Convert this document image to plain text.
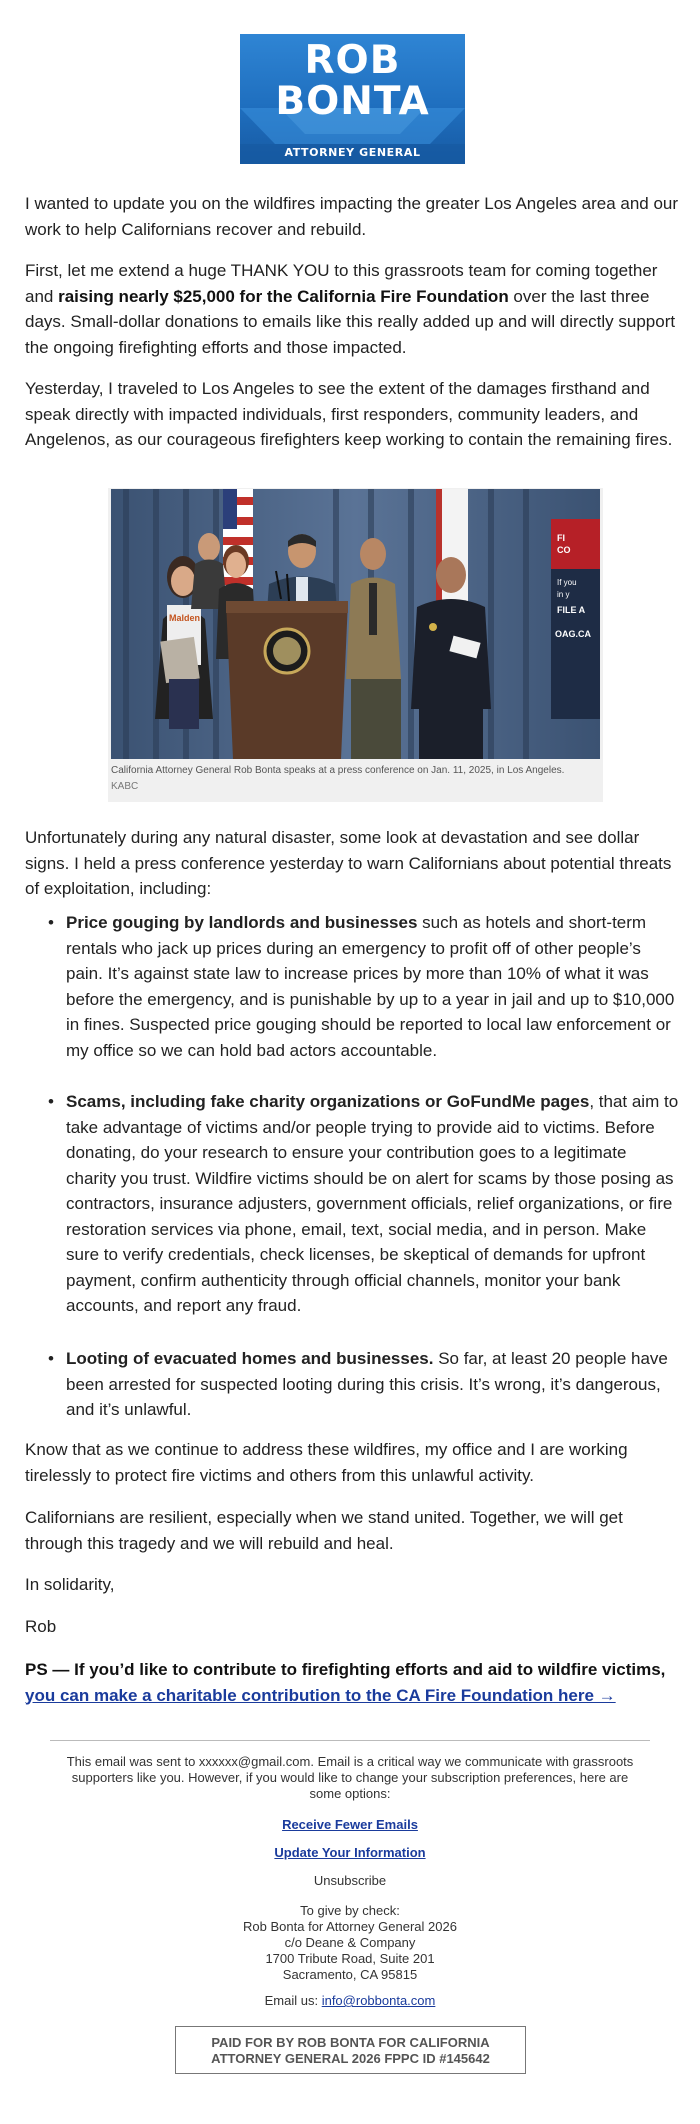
ROB
BONTA
ATTORNEY GENERAL

I wanted to update you on the wildfires impacting the greater Los Angeles area and our work to help Californians recover and rebuild.

First, let me extend a huge THANK YOU to this grassroots team for coming together and raising nearly $25,000 for the California Fire Foundation over the last three days. Small-dollar donations to emails like this really added up and will directly support the ongoing firefighting efforts and those impacted.

Yesterday, I traveled to Los Angeles to see the extent of the damages firsthand and speak directly with impacted individuals, first responders, community leaders, and Angelenos, as our courageous firefighters keep working to contain the remaining fires.

FI
CO
If you
in y
FILE A
OAG.CA
Malden
California Attorney General Rob Bonta speaks at a press conference on Jan. 11, 2025, in Los Angeles.
KABC

Unfortunately during any natural disaster, some look at devastation and see dollar signs. I held a press conference yesterday to warn Californians about potential threats of exploitation, including:

• Price gouging by landlords and businesses such as hotels and short-term rentals who jack up prices during an emergency to profit off of other people’s pain. It’s against state law to increase prices by more than 10% of what it was before the emergency, and is punishable by up to a year in jail and up to $10,000 in fines. Suspected price gouging should be reported to local law enforcement or my office so we can hold bad actors accountable.

• Scams, including fake charity organizations or GoFundMe pages, that aim to take advantage of victims and/or people trying to provide aid to victims. Before donating, do your research to ensure your contribution goes to a legitimate charity you trust. Wildfire victims should be on alert for scams by those posing as contractors, insurance adjusters, government officials, relief organizations, or fire restoration services via phone, email, text, social media, and in person. Make sure to verify credentials, check licenses, be skeptical of demands for upfront payment, confirm authenticity through official channels, monitor your bank accounts, and report any fraud.

• Looting of evacuated homes and businesses. So far, at least 20 people have been arrested for suspected looting during this crisis. It’s wrong, it’s dangerous, and it’s unlawful.

Know that as we continue to address these wildfires, my office and I are working tirelessly to protect fire victims and others from this unlawful activity.

Californians are resilient, especially when we stand united. Together, we will get through this tragedy and we will rebuild and heal.

In solidarity,

Rob

PS — If you’d like to contribute to firefighting efforts and aid to wildfire victims,
you can make a charitable contribution to the CA Fire Foundation here →

This email was sent to xxxxxx@gmail.com. Email is a critical way we communicate with grassroots supporters like you. However, if you would like to change your subscription preferences, here are some options:
Receive Fewer Emails
Update Your Information
Unsubscribe
To give by check:
Rob Bonta for Attorney General 2026
c/o Deane & Company
1700 Tribute Road, Suite 201
Sacramento, CA 95815
Email us: info@robbonta.com
PAID FOR BY ROB BONTA FOR CALIFORNIA
ATTORNEY GENERAL 2026 FPPC ID #145642
